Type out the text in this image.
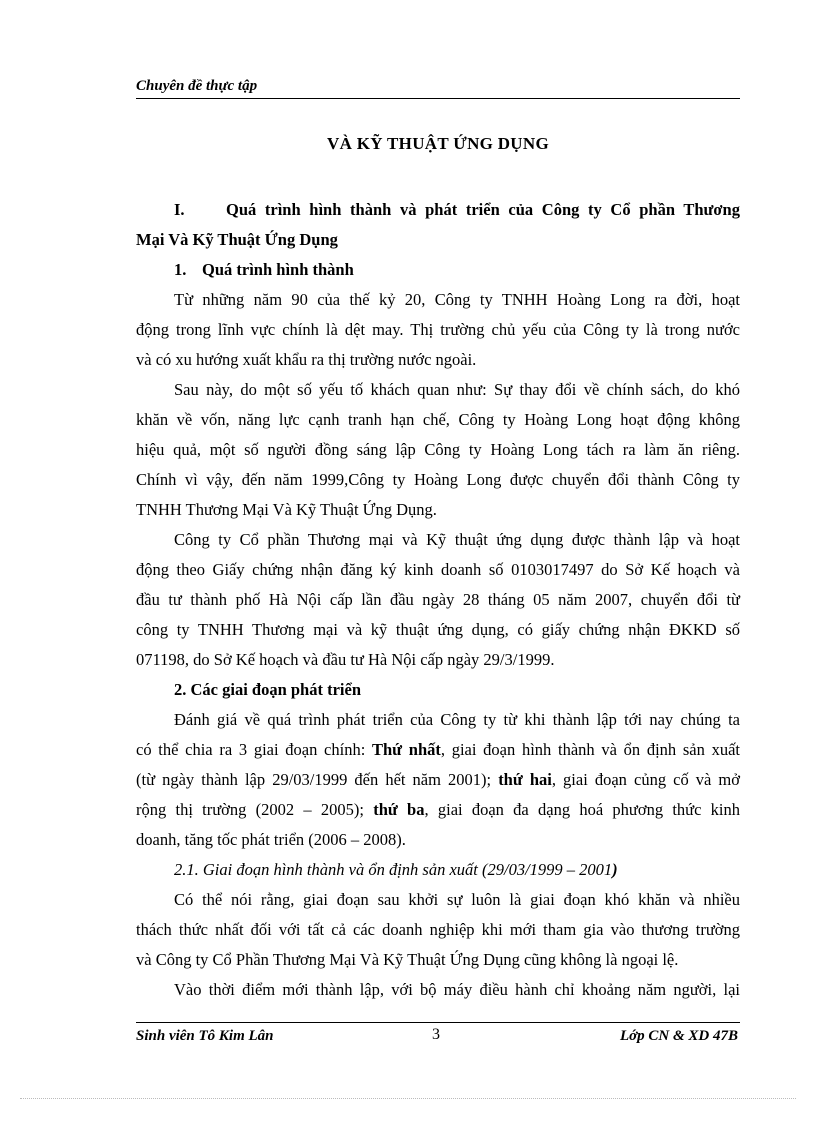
Chuyên đề thực tập
VÀ KỸ THUẬT ỨNG DỤNG
I.	Quá trình hình thành và phát triển của Công ty Cổ phần Thương
Mại Và Kỹ Thuật Ứng Dụng
1. Quá trình hình thành
Từ những năm 90 của thế kỷ 20, Công ty TNHH Hoàng Long ra đời, hoạt
động trong lĩnh vực chính là dệt may. Thị trường chủ yếu của Công ty là trong nước
và có xu hướng xuất khẩu ra thị trường nước ngoài.
Sau này, do một số yếu tố khách quan như: Sự thay đổi về chính sách, do khó
khăn về vốn, năng lực cạnh tranh hạn chế, Công ty Hoàng Long hoạt động không
hiệu quả, một số người đồng sáng lập Công ty Hoàng Long tách ra làm ăn riêng.
Chính vì vậy, đến năm 1999,Công ty Hoàng Long được chuyển đổi thành Công ty
TNHH Thương Mại Và Kỹ Thuật Ứng Dụng.
Công ty Cổ phần Thương mại và Kỹ thuật ứng dụng được thành lập và hoạt
động theo Giấy chứng nhận đăng ký kinh doanh số 0103017497 do Sở Kế hoạch và
đầu tư thành phố Hà Nội cấp lần đầu ngày 28 tháng 05 năm 2007, chuyển đổi từ
công ty TNHH Thương mại và kỹ thuật ứng dụng, có giấy chứng nhận ĐKKD số
071198, do Sở Kế hoạch và đầu tư Hà Nội cấp ngày 29/3/1999.
2. Các giai đoạn phát triển
Đánh giá về quá trình phát triển của Công ty từ khi thành lập tới nay chúng ta
có thể chia ra 3 giai đoạn chính: Thứ nhất, giai đoạn hình thành và ổn định sản xuất
(từ ngày thành lập 29/03/1999 đến hết năm 2001); thứ hai, giai đoạn củng cố và mở
rộng thị trường (2002 – 2005); thứ ba, giai đoạn đa dạng hoá phương thức kinh
doanh, tăng tốc phát triển (2006 – 2008).
2.1. Giai đoạn hình thành và ổn định sản xuất (29/03/1999 – 2001)
Có thể nói rằng, giai đoạn sau khởi sự luôn là giai đoạn khó khăn và nhiều
thách thức nhất đối với tất cả các doanh nghiệp khi mới tham gia vào thương trường
và Công ty Cổ Phần Thương Mại Và Kỹ Thuật Ứng Dụng cũng không là ngoại lệ.
Vào thời điểm mới thành lập, với bộ máy điều hành chỉ khoảng năm người, lại
Sinh viên Tô Kim Lân	3	Lớp CN & XD 47B
